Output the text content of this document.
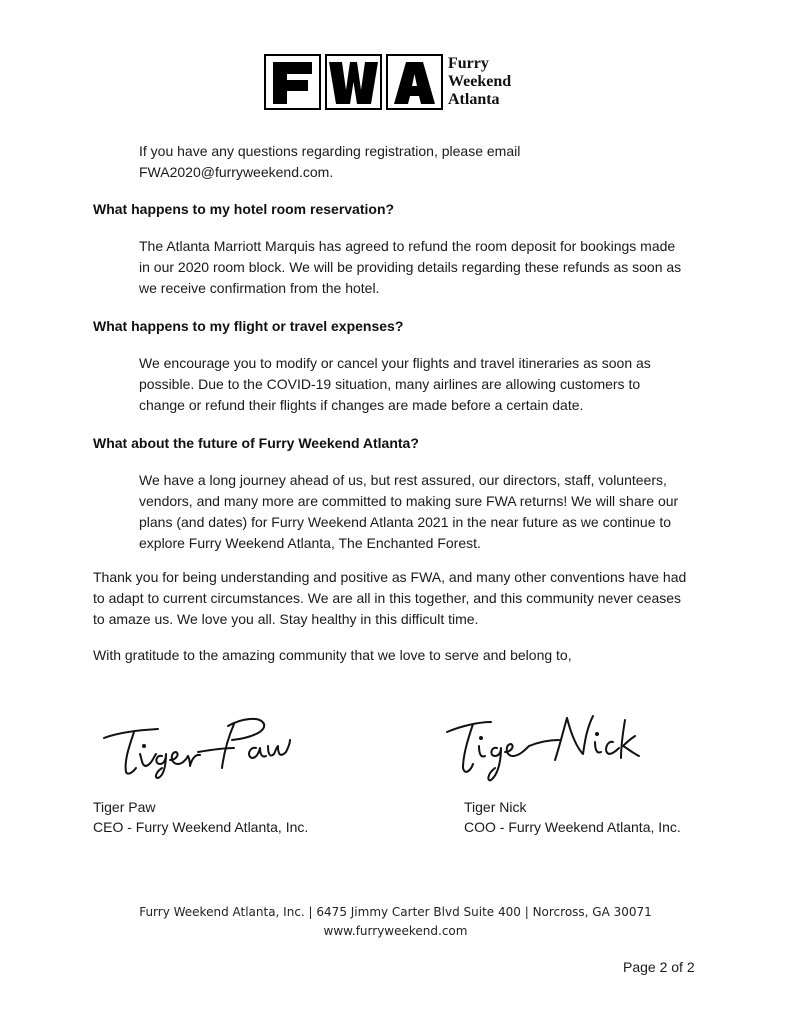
Furry
Weekend
Atlanta

If you have any questions regarding registration, please email
FWA2020@furryweekend.com.

What happens to my hotel room reservation?

The Atlanta Marriott Marquis has agreed to refund the room deposit for bookings made
in our 2020 room block. We will be providing details regarding these refunds as soon as
we receive confirmation from the hotel.

What happens to my flight or travel expenses?

We encourage you to modify or cancel your flights and travel itineraries as soon as
possible. Due to the COVID-19 situation, many airlines are allowing customers to
change or refund their flights if changes are made before a certain date.

What about the future of Furry Weekend Atlanta?

We have a long journey ahead of us, but rest assured, our directors, staff, volunteers,
vendors, and many more are committed to making sure FWA returns! We will share our
plans (and dates) for Furry Weekend Atlanta 2021 in the near future as we continue to
explore Furry Weekend Atlanta, The Enchanted Forest.

Thank you for being understanding and positive as FWA, and many other conventions have had
to adapt to current circumstances. We are all in this together, and this community never ceases
to amaze us. We love you all. Stay healthy in this difficult time.

With gratitude to the amazing community that we love to serve and belong to,

Tiger Paw
CEO - Furry Weekend Atlanta, Inc.
Tiger Nick
COO - Furry Weekend Atlanta, Inc.
Furry Weekend Atlanta, Inc. | 6475 Jimmy Carter Blvd Suite 400 | Norcross, GA 30071
www.furryweekend.com
Page 2 of 2
